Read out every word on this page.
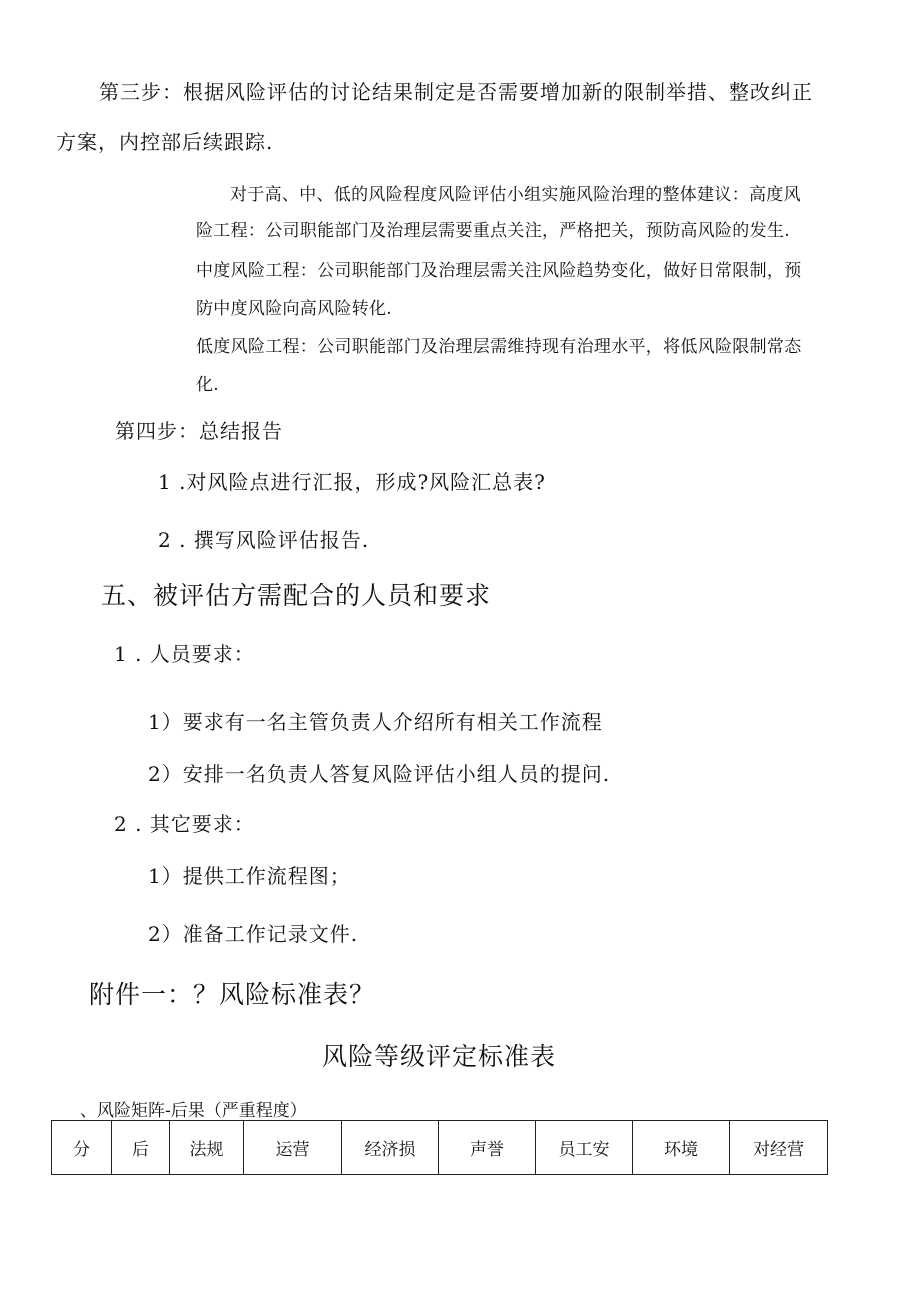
第三步：根据风险评估的讨论结果制定是否需要增加新的限制举措、整改纠正
方案，内控部后续跟踪.
对于高、中、低的风险程度风险评估小组实施风险治理的整体建议：高度风
险工程：公司职能部门及治理层需要重点关注，严格把关，预防高风险的发生.
中度风险工程：公司职能部门及治理层需关注风险趋势变化，做好日常限制，预
防中度风险向高风险转化.
低度风险工程：公司职能部门及治理层需维持现有治理水平，将低风险限制常态
化.
第四步：总结报告
1 .对风险点进行汇报，形成?风险汇总表?
2 . 撰写风险评估报告.
五、被评估方需配合的人员和要求
1 . 人员要求：
1）要求有一名主管负责人介绍所有相关工作流程
2）安排一名负责人答复风险评估小组人员的提问.
2 . 其它要求：
1）提供工作流程图；
2）准备工作记录文件.
附件一：？风险标准表？
风险等级评定标准表
、风险矩阵-后果（严重程度）
分	后	法规	运营	经济损	声誉	员工安	环境	对经营
